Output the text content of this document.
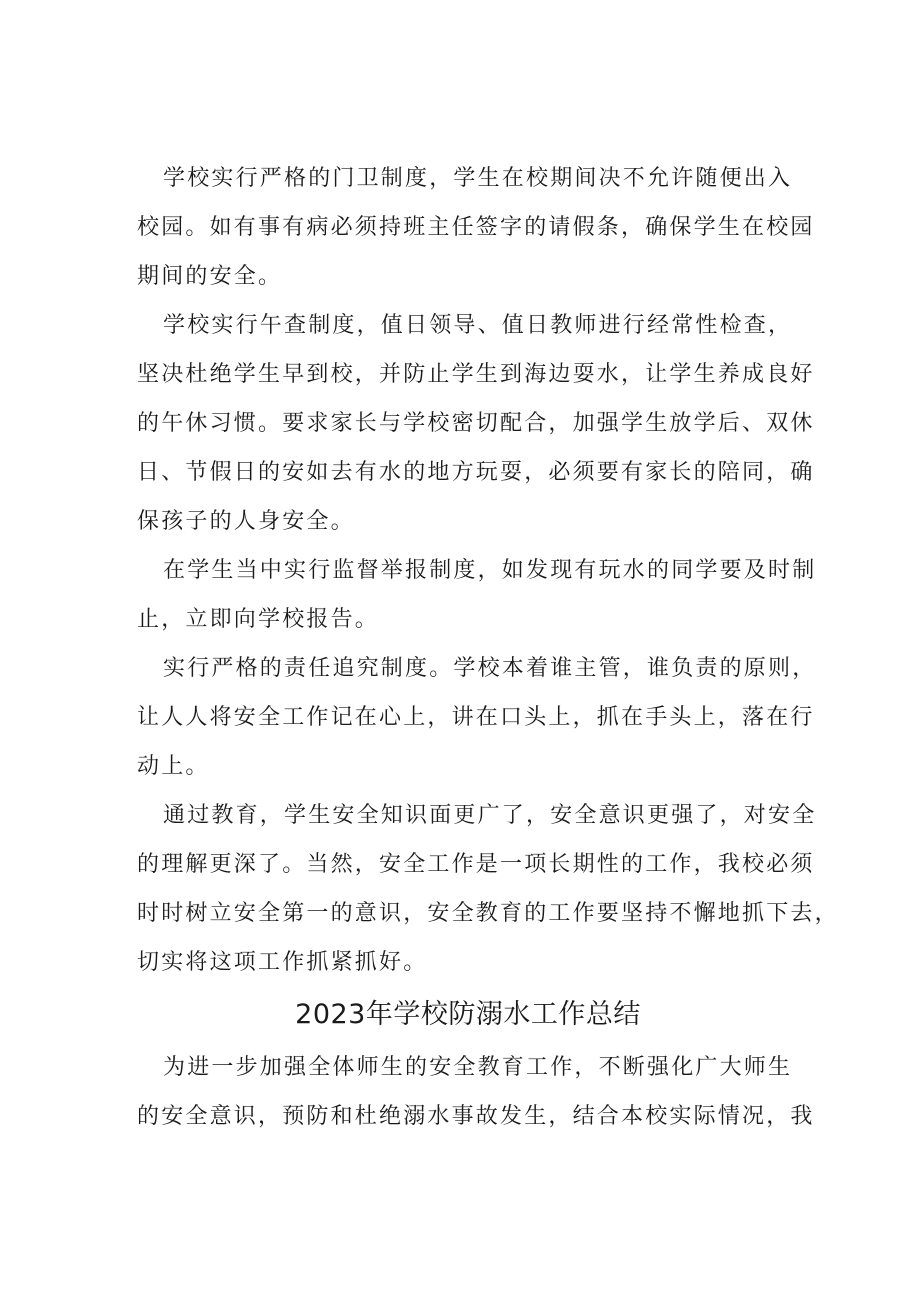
学校实行严格的门卫制度，学生在校期间决不允许随便出入
校园。如有事有病必须持班主任签字的请假条，确保学生在校园
期间的安全。

学校实行午查制度，值日领导、值日教师进行经常性检查，
坚决杜绝学生早到校，并防止学生到海边耍水，让学生养成良好
的午休习惯。要求家长与学校密切配合，加强学生放学后、双休
日、节假日的安如去有水的地方玩耍，必须要有家长的陪同，确
保孩子的人身安全。

在学生当中实行监督举报制度，如发现有玩水的同学要及时制
止，立即向学校报告。

实行严格的责任追究制度。学校本着谁主管，谁负责的原则，
让人人将安全工作记在心上，讲在口头上，抓在手头上，落在行
动上。

通过教育，学生安全知识面更广了，安全意识更强了，对安全
的理解更深了。当然，安全工作是一项长期性的工作，我校必须
时时树立安全第一的意识，安全教育的工作要坚持不懈地抓下去，
切实将这项工作抓紧抓好。

2023年学校防溺水工作总结

为进一步加强全体师生的安全教育工作，不断强化广大师生
的安全意识，预防和杜绝溺水事故发生，结合本校实际情况，我
